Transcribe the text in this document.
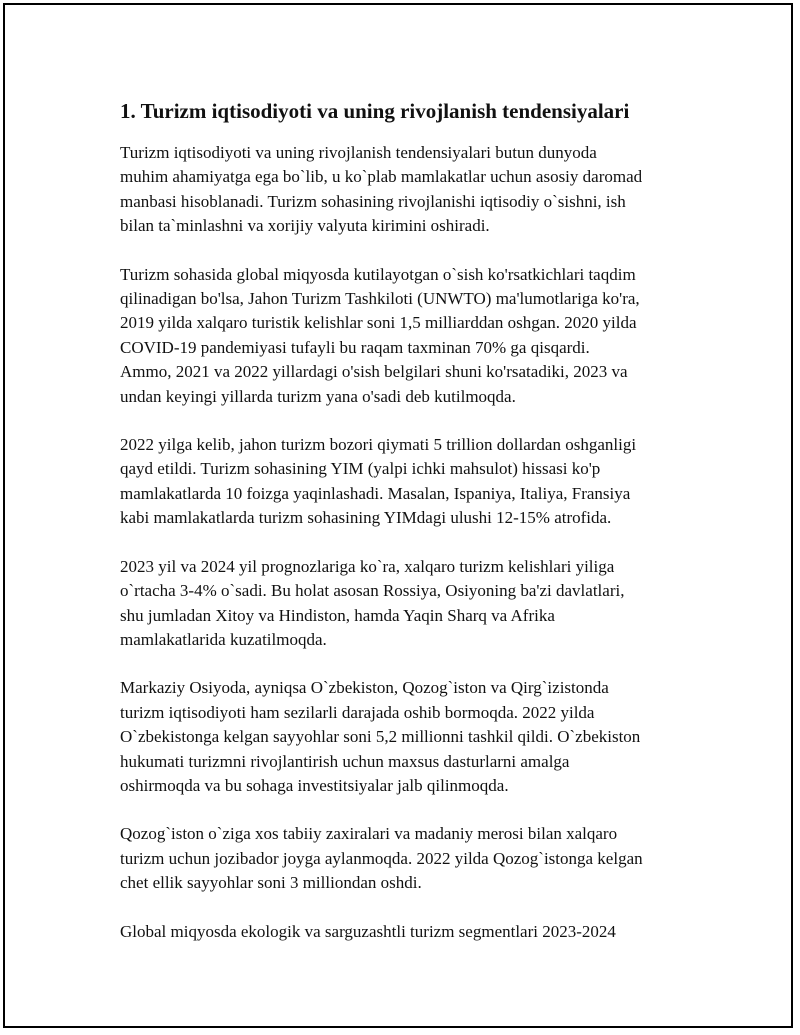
1. Turizm iqtisodiyoti va uning rivojlanish tendensiyalari

Turizm iqtisodiyoti va uning rivojlanish tendensiyalari butun dunyoda
muhim ahamiyatga ega bo`lib, u ko`plab mamlakatlar uchun asosiy daromad
manbasi hisoblanadi. Turizm sohasining rivojlanishi iqtisodiy o`sishni, ish
bilan ta`minlashni va xorijiy valyuta kirimini oshiradi.

Turizm sohasida global miqyosda kutilayotgan o`sish ko'rsatkichlari taqdim
qilinadigan bo'lsa, Jahon Turizm Tashkiloti (UNWTO) ma'lumotlariga ko'ra,
2019 yilda xalqaro turistik kelishlar soni 1,5 milliarddan oshgan. 2020 yilda
COVID-19 pandemiyasi tufayli bu raqam taxminan 70% ga qisqardi.
Ammo, 2021 va 2022 yillardagi o'sish belgilari shuni ko'rsatadiki, 2023 va
undan keyingi yillarda turizm yana o'sadi deb kutilmoqda.

2022 yilga kelib, jahon turizm bozori qiymati 5 trillion dollardan oshganligi
qayd etildi. Turizm sohasining YIM (yalpi ichki mahsulot) hissasi ko'p
mamlakatlarda 10 foizga yaqinlashadi. Masalan, Ispaniya, Italiya, Fransiya
kabi mamlakatlarda turizm sohasining YIMdagi ulushi 12-15% atrofida.

2023 yil va 2024 yil prognozlariga ko`ra, xalqaro turizm kelishlari yiliga
o`rtacha 3-4% o`sadi. Bu holat asosan Rossiya, Osiyoning ba'zi davlatlari,
shu jumladan Xitoy va Hindiston, hamda Yaqin Sharq va Afrika
mamlakatlarida kuzatilmoqda.

Markaziy Osiyoda, ayniqsa O`zbekiston, Qozog`iston va Qirg`izistonda
turizm iqtisodiyoti ham sezilarli darajada oshib bormoqda. 2022 yilda
O`zbekistonga kelgan sayyohlar soni 5,2 millionni tashkil qildi. O`zbekiston
hukumati turizmni rivojlantirish uchun maxsus dasturlarni amalga
oshirmoqda va bu sohaga investitsiyalar jalb qilinmoqda.

Qozog`iston o`ziga xos tabiiy zaxiralari va madaniy merosi bilan xalqaro
turizm uchun jozibador joyga aylanmoqda. 2022 yilda Qozog`istonga kelgan
chet ellik sayyohlar soni 3 milliondan oshdi.

Global miqyosda ekologik va sarguzashtli turizm segmentlari 2023-2024
